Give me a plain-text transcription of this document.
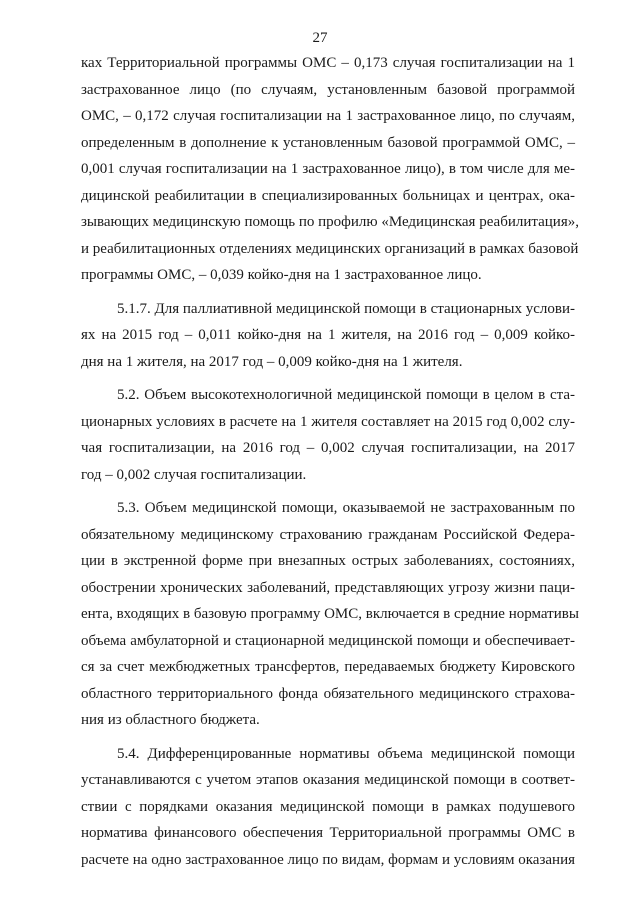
27
ках Территориальной программы ОМС – 0,173 случая госпитализации на 1
застрахованное лицо (по случаям, установленным базовой программой
ОМС, – 0,172 случая госпитализации на 1 застрахованное лицо, по случаям,
определенным в дополнение к установленным базовой программой ОМС, –
0,001 случая госпитализации на 1 застрахованное лицо), в том числе для ме-
дицинской реабилитации в специализированных больницах и центрах, ока-
зывающих медицинскую помощь по профилю «Медицинская реабилитация»,
и реабилитационных отделениях медицинских организаций в рамках базовой
программы ОМС, – 0,039 койко-дня на 1 застрахованное лицо.
5.1.7. Для паллиативной медицинской помощи в стационарных услови-
ях на 2015 год – 0,011 койко-дня на 1 жителя, на 2016 год – 0,009 койко-
дня на 1 жителя, на 2017 год – 0,009 койко-дня на 1 жителя.
5.2. Объем высокотехнологичной медицинской помощи в целом в ста-
ционарных условиях в расчете на 1 жителя составляет на 2015 год 0,002 слу-
чая госпитализации, на 2016 год – 0,002 случая госпитализации, на 2017
год – 0,002 случая госпитализации.
5.3. Объем медицинской помощи, оказываемой не застрахованным по
обязательному медицинскому страхованию гражданам Российской Федера-
ции в экстренной форме при внезапных острых заболеваниях, состояниях,
обострении хронических заболеваний, представляющих угрозу жизни паци-
ента, входящих в базовую программу ОМС, включается в средние нормативы
объема амбулаторной и стационарной медицинской помощи и обеспечивает-
ся за счет межбюджетных трансфертов, передаваемых бюджету Кировского
областного территориального фонда обязательного медицинского страхова-
ния из областного бюджета.
5.4. Дифференцированные нормативы объема медицинской помощи
устанавливаются с учетом этапов оказания медицинской помощи в соответ-
ствии с порядками оказания медицинской помощи в рамках подушевого
норматива финансового обеспечения Территориальной программы ОМС в
расчете на одно застрахованное лицо по видам, формам и условиям оказания
